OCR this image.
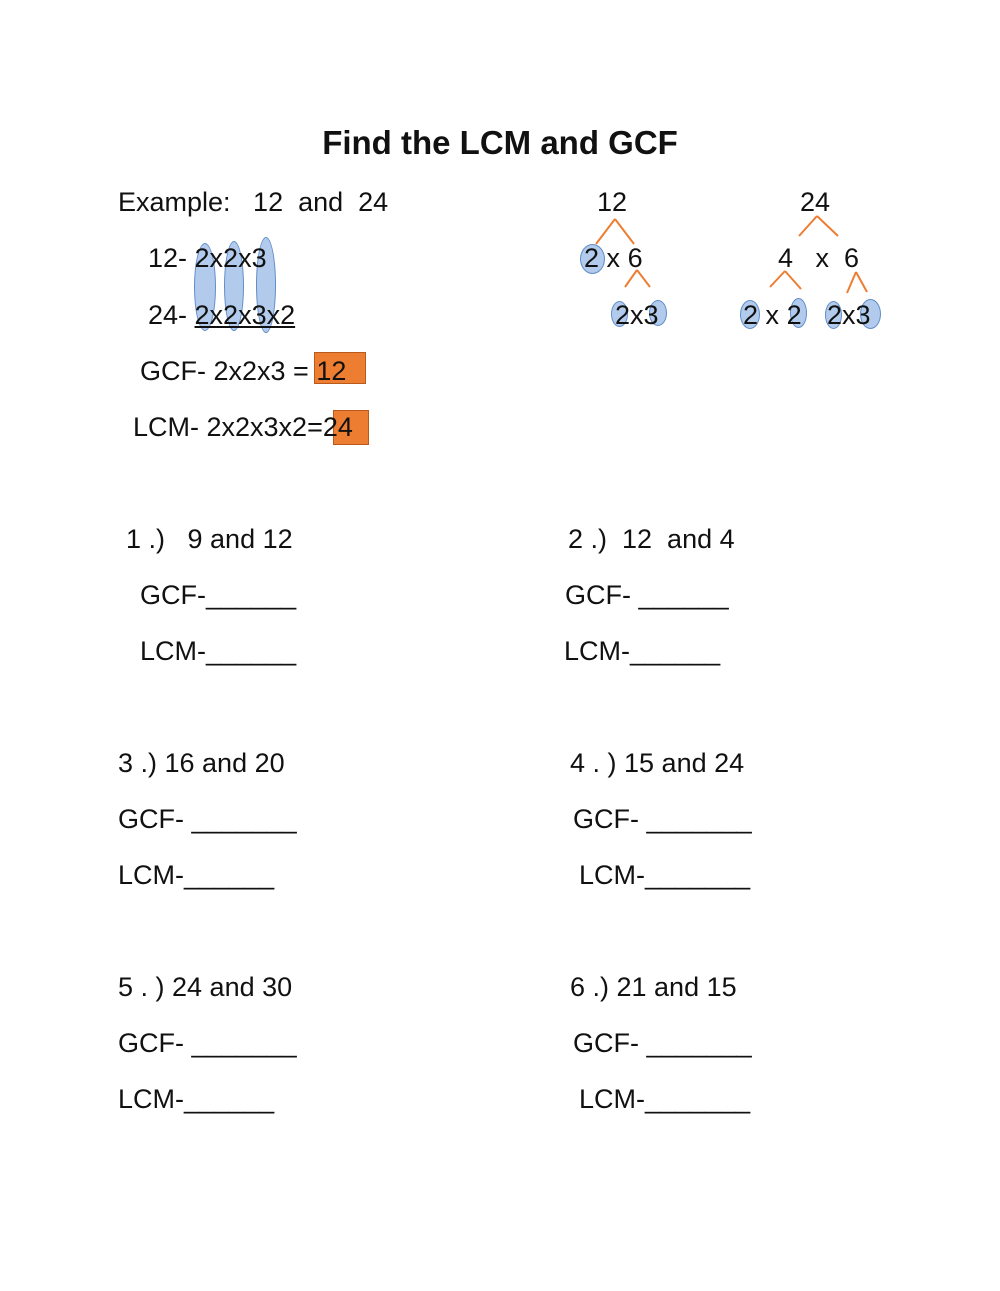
Find the LCM and GCF
Example:   12  and  24
12- 2x2x3
24- 2x2x3x2
GCF- 2x2x3 = 12
LCM- 2x2x3x2=24
12
2 x 6
2x3
24
4   x  6
2 x 2 2x3
1 .)   9 and 12
GCF-______
LCM-______
2 .)  12  and 4
GCF- ______
LCM-______
3 .) 16 and 20
GCF- _______
LCM-______
4 . ) 15 and 24
GCF- _______
LCM-_______
5 . ) 24 and 30
GCF- _______
LCM-______
6 .) 21 and 15
GCF- _______
LCM-_______
